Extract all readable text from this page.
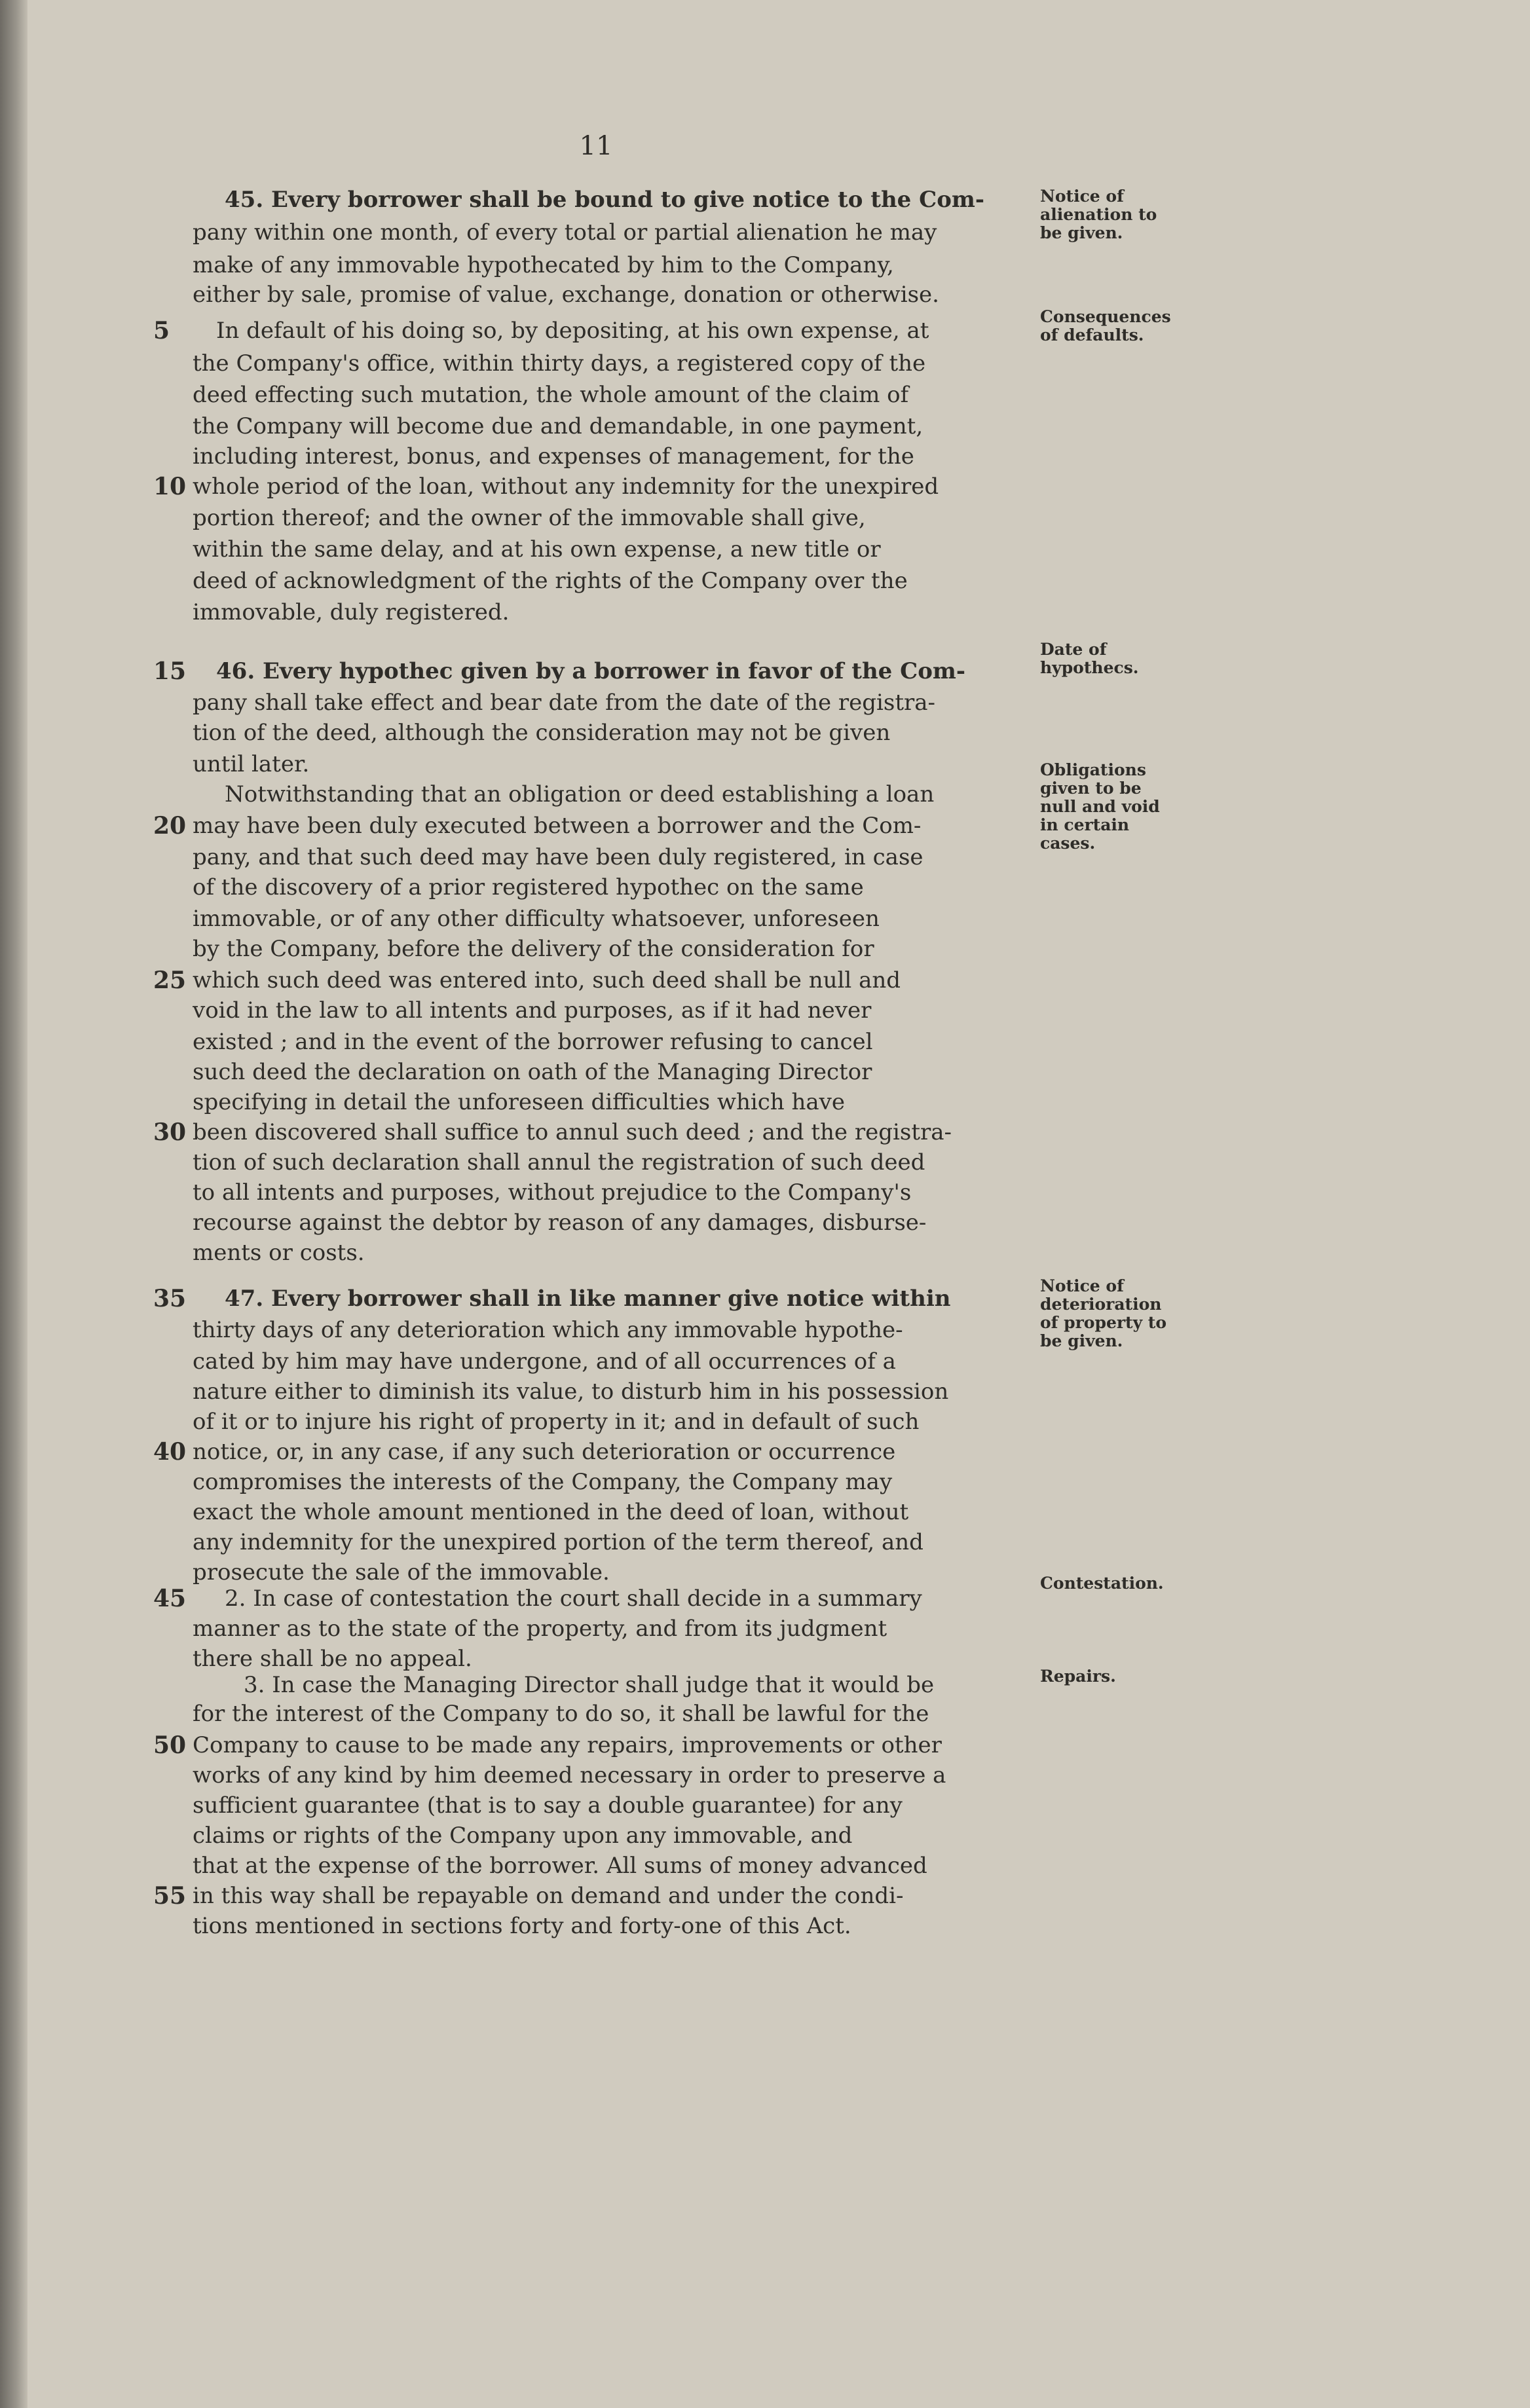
11
45. Every borrower shall be bound to give notice to the Com-
pany within one month, of every total or partial alienation he may
make of any immovable hypothecated by him to the Company,
either by sale, promise of value, exchange, donation or otherwise.
5	In default of his doing so, by depositing, at his own expense, at
the Company's office, within thirty days, a registered copy of the
deed effecting such mutation, the whole amount of the claim of
the Company will become due and demandable, in one payment,
including interest, bonus, and expenses of management, for the
10 whole period of the loan, without any indemnity for the unexpired
portion thereof; and the owner of the immovable shall give,
within the same delay, and at his own expense, a new title or
deed of acknowledgment of the rights of the Company over the
immovable, duly registered.
15 46. Every hypothec given by a borrower in favor of the Com-
pany shall take effect and bear date from the date of the registra-
tion of the deed, although the consideration may not be given
until later.
Notwithstanding that an obligation or deed establishing a loan
20 may have been duly executed between a borrower and the Com-
pany, and that such deed may have been duly registered, in case
of the discovery of a prior registered hypothec on the same
immovable, or of any other difficulty whatsoever, unforeseen
by the Company, before the delivery of the consideration for
25 which such deed was entered into, such deed shall be null and
void in the law to all intents and purposes, as if it had never
existed ; and in the event of the borrower refusing to cancel
such deed the declaration on oath of the Managing Director
specifying in detail the unforeseen difficulties which have
30 been discovered shall suffice to annul such deed ; and the registra-
tion of such declaration shall annul the registration of such deed
to all intents and purposes, without prejudice to the Company's
recourse against the debtor by reason of any damages, disburse-
ments or costs.
35 47. Every borrower shall in like manner give notice within
thirty days of any deterioration which any immovable hypothe-
cated by him may have undergone, and of all occurrences of a
nature either to diminish its value, to disturb him in his possession
of it or to injure his right of property in it; and in default of such
40 notice, or, in any case, if any such deterioration or occurrence
compromises the interests of the Company, the Company may
exact the whole amount mentioned in the deed of loan, without
any indemnity for the unexpired portion of the term thereof, and
prosecute the sale of the immovable.
45 2. In case of contestation the court shall decide in a summary
manner as to the state of the property, and from its judgment
there shall be no appeal.
3. In case the Managing Director shall judge that it would be
for the interest of the Company to do so, it shall be lawful for the
50 Company to cause to be made any repairs, improvements or other
works of any kind by him deemed necessary in order to preserve a
sufficient guarantee (that is to say a double guarantee) for any
claims or rights of the Company upon any immovable, and
that at the expense of the borrower. All sums of money advanced
55 in this way shall be repayable on demand and under the condi-
tions mentioned in sections forty and forty-one of this Act.
Notice of alienation to be given.
Consequences of defaults.
Date of hypothecs.
Obligations given to be null and void in certain cases.
Notice of deterioration of property to be given.
Contestation.
Repairs.
